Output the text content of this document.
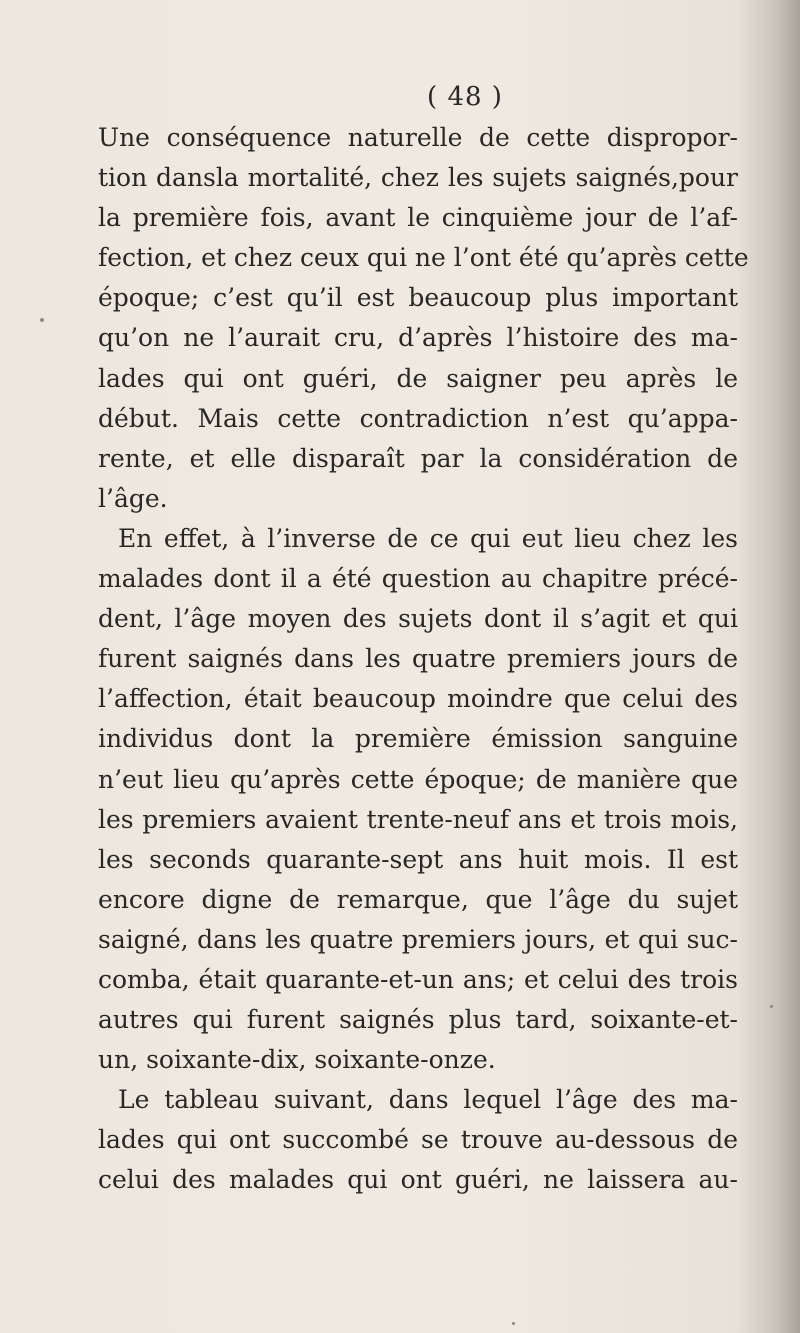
( 48 )
Une conséquence naturelle de cette dispropor-
tion dansla mortalité, chez les sujets saignés,pour
la première fois, avant le cinquième jour de l’af-
fection, et chez ceux qui ne l’ont été qu’après cette
époque; c’est qu’il est beaucoup plus important
qu’on ne l’aurait cru, d’après l’histoire des ma-
lades qui ont guéri, de saigner peu après le
début. Mais cette contradiction n’est qu’appa-
rente, et elle disparaît par la considération de
l’âge.
En effet, à l’inverse de ce qui eut lieu chez les
malades dont il a été question au chapitre précé-
dent, l’âge moyen des sujets dont il s’agit et qui
furent saignés dans les quatre premiers jours de
l’affection, était beaucoup moindre que celui des
individus dont la première émission sanguine
n’eut lieu qu’après cette époque; de manière que
les premiers avaient trente-neuf ans et trois mois,
les seconds quarante-sept ans huit mois. Il est
encore digne de remarque, que l’âge du sujet
saigné, dans les quatre premiers jours, et qui suc-
comba, était quarante-et-un ans; et celui des trois
autres qui furent saignés plus tard, soixante-et-
un, soixante-dix, soixante-onze.
Le tableau suivant, dans lequel l’âge des ma-
lades qui ont succombé se trouve au-dessous de
celui des malades qui ont guéri, ne laissera au-
